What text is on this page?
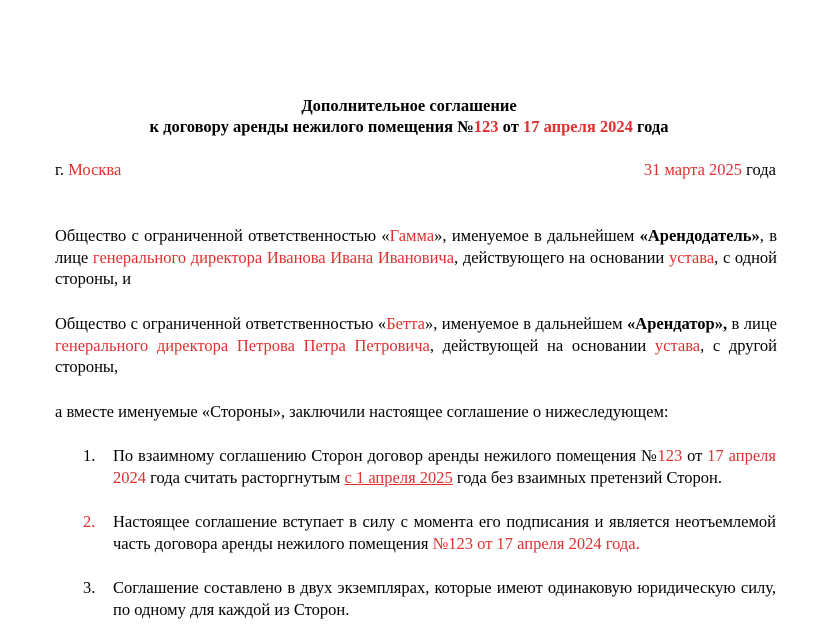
Дополнительное соглашение
к договору аренды нежилого помещения №123 от 17 апреля 2024 года
г. Москва	31 марта 2025 года
Общество с ограниченной ответственностью «Гамма», именуемое в дальнейшем «Арендодатель», в лице генерального директора Иванова Ивана Ивановича, действующего на основании устава, с одной стороны, и
Общество с ограниченной ответственностью «Бетта», именуемое в дальнейшем «Арендатор», в лице генерального директора Петрова Петра Петровича, действующей на основании устава, с другой стороны,
а вместе именуемые «Стороны», заключили настоящее соглашение о нижеследующем:
1. По взаимному соглашению Сторон договор аренды нежилого помещения №123 от 17 апреля 2024 года считать расторгнутым с 1 апреля 2025 года без взаимных претензий Сторон.
2. Настоящее соглашение вступает в силу с момента его подписания и является неотъемлемой часть договора аренды нежилого помещения №123 от 17 апреля 2024 года.
3. Соглашение составлено в двух экземплярах, которые имеют одинаковую юридическую силу, по одному для каждой из Сторон.
